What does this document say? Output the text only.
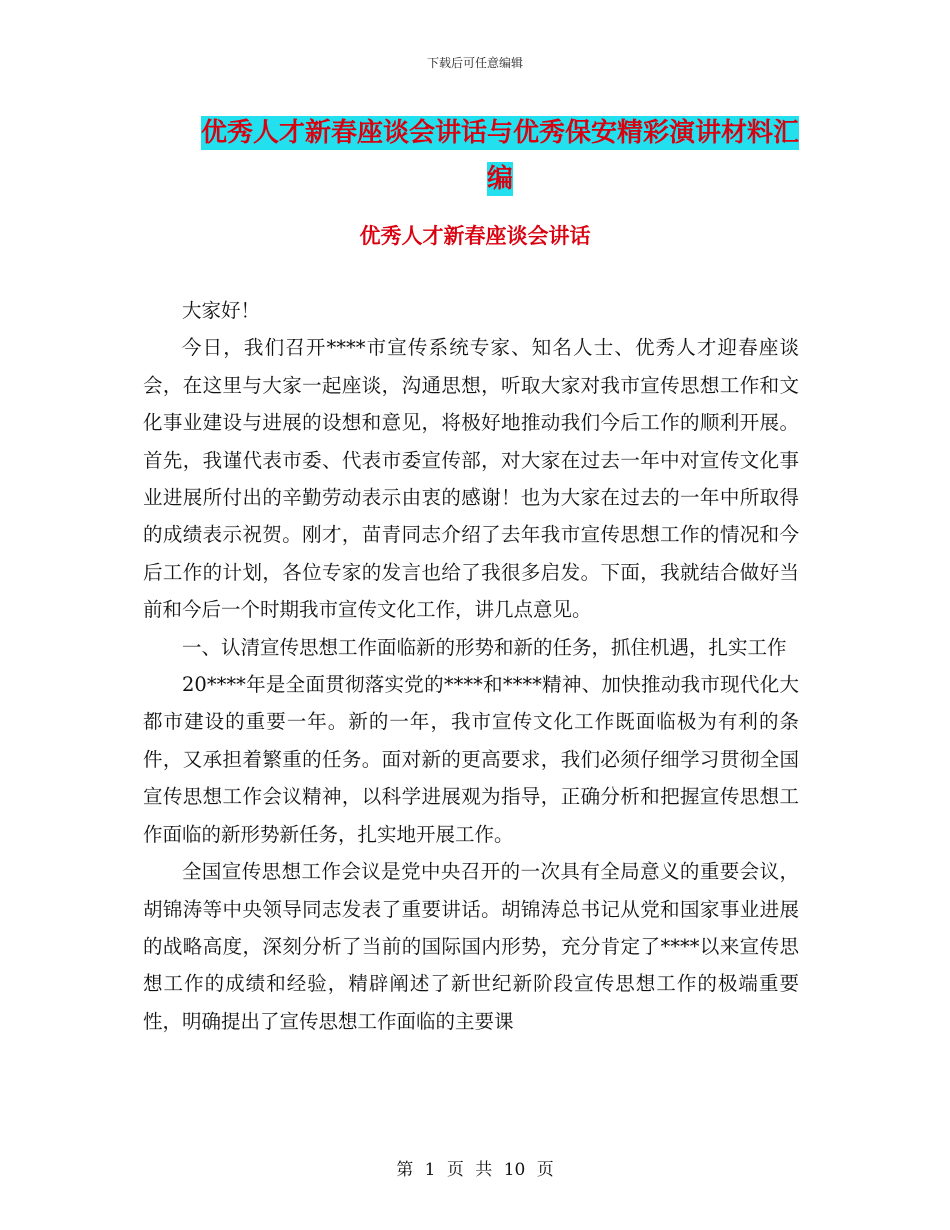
下载后可任意编辑
优秀人才新春座谈会讲话与优秀保安精彩演讲材料汇编
优秀人才新春座谈会讲话

大家好！

今日，我们召开****市宣传系统专家、知名人士、优秀人才迎春座谈会，在这里与大家一起座谈，沟通思想，听取大家对我市宣传思想工作和文化事业建设与进展的设想和意见，将极好地推动我们今后工作的顺利开展。首先，我谨代表市委、代表市委宣传部，对大家在过去一年中对宣传文化事业进展所付出的辛勤劳动表示由衷的感谢！也为大家在过去的一年中所取得的成绩表示祝贺。刚才，苗青同志介绍了去年我市宣传思想工作的情况和今后工作的计划，各位专家的发言也给了我很多启发。下面，我就结合做好当前和今后一个时期我市宣传文化工作，讲几点意见。

一、认清宣传思想工作面临新的形势和新的任务，抓住机遇，扎实工作

20****年是全面贯彻落实党的****和****精神、加快推动我市现代化大都市建设的重要一年。新的一年，我市宣传文化工作既面临极为有利的条件，又承担着繁重的任务。面对新的更高要求，我们必须仔细学习贯彻全国宣传思想工作会议精神，以科学进展观为指导，正确分析和把握宣传思想工作面临的新形势新任务，扎实地开展工作。

全国宣传思想工作会议是党中央召开的一次具有全局意义的重要会议，胡锦涛等中央领导同志发表了重要讲话。胡锦涛总书记从党和国家事业进展的战略高度，深刻分析了当前的国际国内形势，充分肯定了****以来宣传思想工作的成绩和经验，精辟阐述了新世纪新阶段宣传思想工作的极端重要性，明确提出了宣传思想工作面临的主要课

第 1 页 共 10 页
